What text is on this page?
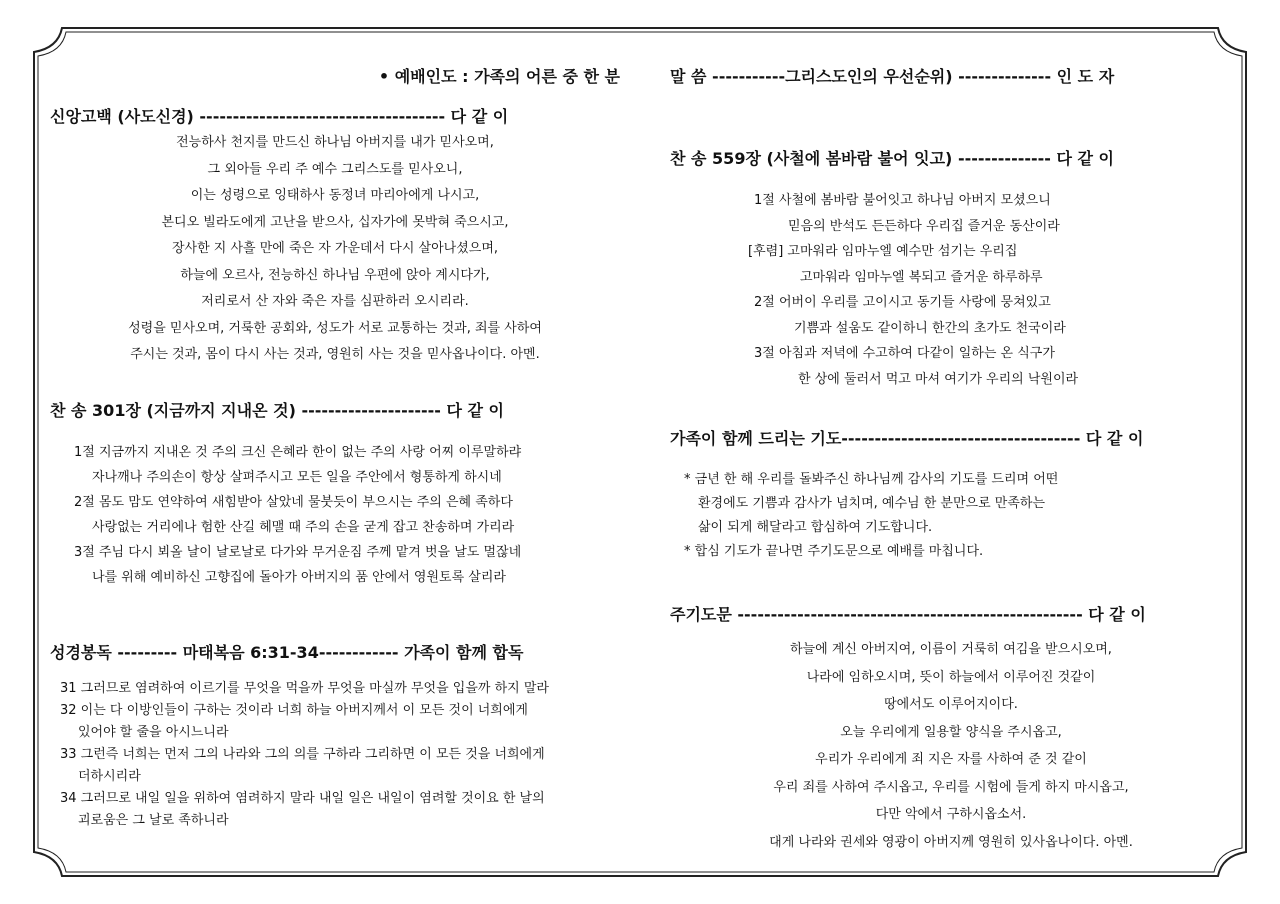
• 예배인도 : 가족의 어른 중 한 분
신앙고백 (사도신경) ------------------------------------- 다 같 이
전능하사 천지를 만드신 하나님 아버지를 내가 믿사오며,
그 외아들 우리 주 예수 그리스도를 믿사오니,
이는 성령으로 잉태하사 동정녀 마리아에게 나시고,
본디오 빌라도에게 고난을 받으사, 십자가에 못박혀 죽으시고,
장사한 지 사흘 만에 죽은 자 가운데서 다시 살아나셨으며,
하늘에 오르사, 전능하신 하나님 우편에 앉아 계시다가,
저리로서 산 자와 죽은 자를 심판하러 오시리라.
성령을 믿사오며, 거룩한 공회와, 성도가 서로 교통하는 것과, 죄를 사하여
주시는 것과, 몸이 다시 사는 것과, 영원히 사는 것을 믿사옵나이다. 아멘.
찬 송 301장 (지금까지 지내온 것) --------------------- 다 같 이
1절 지금까지 지내온 것 주의 크신 은혜라 한이 없는 주의 사랑 어찌 이루말하랴
자나깨나 주의손이 항상 살펴주시고 모든 일을 주안에서 형통하게 하시네
2절 몸도 맘도 연약하여 새힘받아 살았네 물붓듯이 부으시는 주의 은혜 족하다
사랑없는 거리에나 험한 산길 헤맬 때 주의 손을 굳게 잡고 찬송하며 가리라
3절 주님 다시 뵈올 날이 날로날로 다가와 무거운짐 주께 맡겨 벗을 날도 멀잖네
나를 위해 예비하신 고향집에 돌아가 아버지의 품 안에서 영원토록 살리라
성경봉독 --------- 마태복음 6:31-34------------ 가족이 함께 합독
31 그러므로 염려하여 이르기를 무엇을 먹을까 무엇을 마실까 무엇을 입을까 하지 말라
32 이는 다 이방인들이 구하는 것이라 너희 하늘 아버지께서 이 모든 것이 너희에게
있어야 할 줄을 아시느니라
33 그런즉 너희는 먼저 그의 나라와 그의 의를 구하라 그리하면 이 모든 것을 너희에게
더하시리라
34 그러므로 내일 일을 위하여 염려하지 말라 내일 일은 내일이 염려할 것이요 한 날의
괴로움은 그 날로 족하니라
말 씀 -----------그리스도인의 우선순위) -------------- 인 도 자
찬 송 559장 (사철에 봄바람 불어 잇고) -------------- 다 같 이
1절 사철에 봄바람 불어잇고 하나님 아버지 모셨으니
믿음의 반석도 든든하다 우리집 즐거운 동산이라
[후렴] 고마워라 임마누엘 예수만 섬기는 우리집
고마워라 임마누엘 복되고 즐거운 하루하루
2절 어버이 우리를 고이시고 동기들 사랑에 뭉쳐있고
기쁨과 설움도 같이하니 한간의 초가도 천국이라
3절 아침과 저녁에 수고하여 다같이 일하는 온 식구가
한 상에 둘러서 먹고 마셔 여기가 우리의 낙원이라
가족이 함께 드리는 기도------------------------------------ 다 같 이
* 금년 한 해 우리를 돌봐주신 하나님께 감사의 기도를 드리며 어떤
환경에도 기쁨과 감사가 넘치며, 예수님 한 분만으로 만족하는
삶이 되게 해달라고 합심하여 기도합니다.
* 합심 기도가 끝나면 주기도문으로 예배를 마칩니다.
주기도문 ---------------------------------------------------- 다 같 이
하늘에 계신 아버지여, 이름이 거룩히 여김을 받으시오며,
나라에 임하오시며, 뜻이 하늘에서 이루어진 것같이
땅에서도 이루어지이다.
오늘 우리에게 일용할 양식을 주시옵고,
우리가 우리에게 죄 지은 자를 사하여 준 것 같이
우리 죄를 사하여 주시옵고, 우리를 시험에 들게 하지 마시옵고,
다만 악에서 구하시옵소서.
대게 나라와 권세와 영광이 아버지께 영원히 있사옵나이다. 아멘.
